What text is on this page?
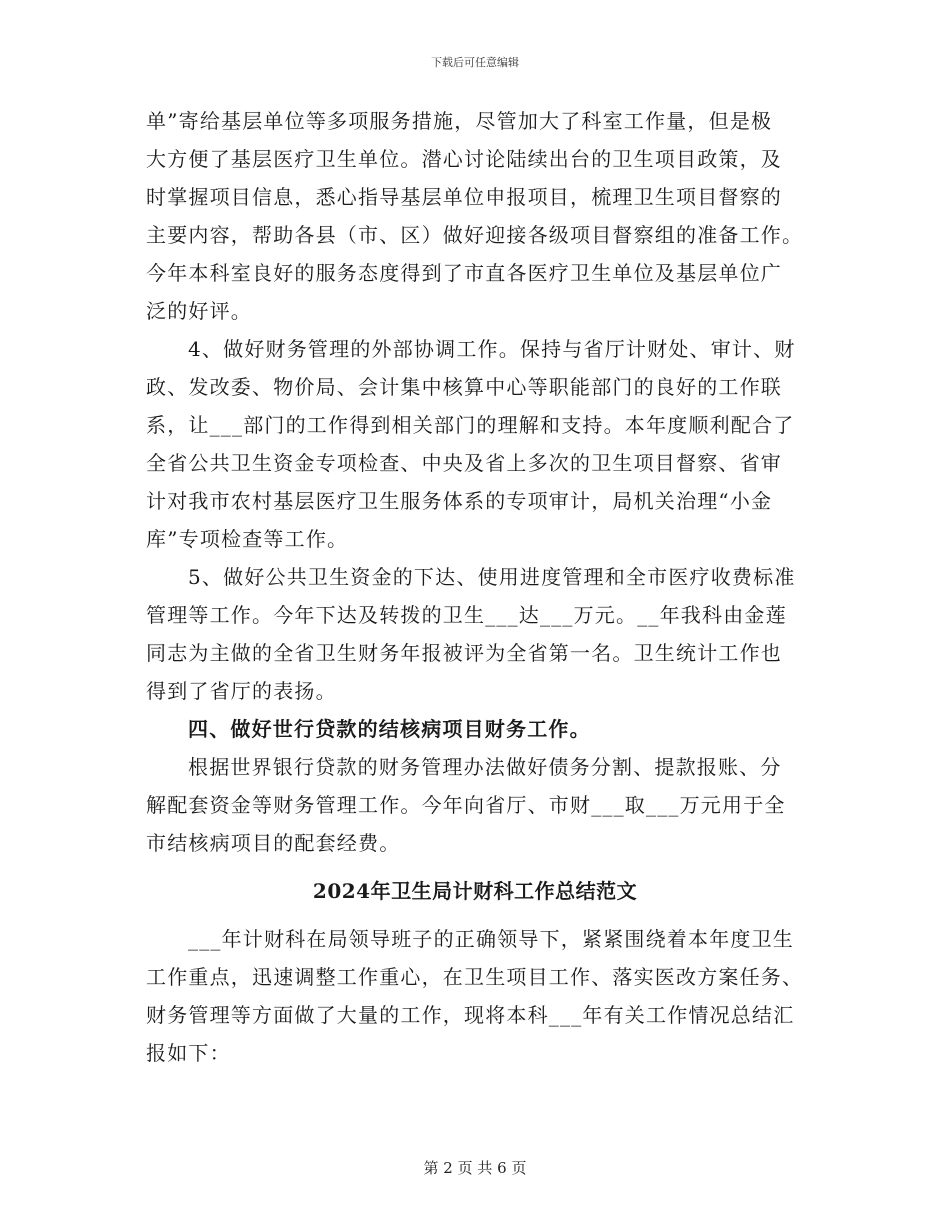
下载后可任意编辑
单”寄给基层单位等多项服务措施，尽管加大了科室工作量，但是极
大方便了基层医疗卫生单位。潜心讨论陆续出台的卫生项目政策，及
时掌握项目信息，悉心指导基层单位申报项目，梳理卫生项目督察的
主要内容，帮助各县（市、区）做好迎接各级项目督察组的准备工作。
今年本科室良好的服务态度得到了市直各医疗卫生单位及基层单位广
泛的好评。
4、做好财务管理的外部协调工作。保持与省厅计财处、审计、财
政、发改委、物价局、会计集中核算中心等职能部门的良好的工作联
系，让___部门的工作得到相关部门的理解和支持。本年度顺利配合了
全省公共卫生资金专项检查、中央及省上多次的卫生项目督察、省审
计对我市农村基层医疗卫生服务体系的专项审计，局机关治理“小金
库”专项检查等工作。
5、做好公共卫生资金的下达、使用进度管理和全市医疗收费标准
管理等工作。今年下达及转拨的卫生___达___万元。__年我科由金莲
同志为主做的全省卫生财务年报被评为全省第一名。卫生统计工作也
得到了省厅的表扬。
四、做好世行贷款的结核病项目财务工作。
根据世界银行贷款的财务管理办法做好债务分割、提款报账、分
解配套资金等财务管理工作。今年向省厅、市财___取___万元用于全
市结核病项目的配套经费。
2024年卫生局计财科工作总结范文
___年计财科在局领导班子的正确领导下，紧紧围绕着本年度卫生
工作重点，迅速调整工作重心，在卫生项目工作、落实医改方案任务、
财务管理等方面做了大量的工作，现将本科___年有关工作情况总结汇
报如下：
第 2 页 共 6 页
